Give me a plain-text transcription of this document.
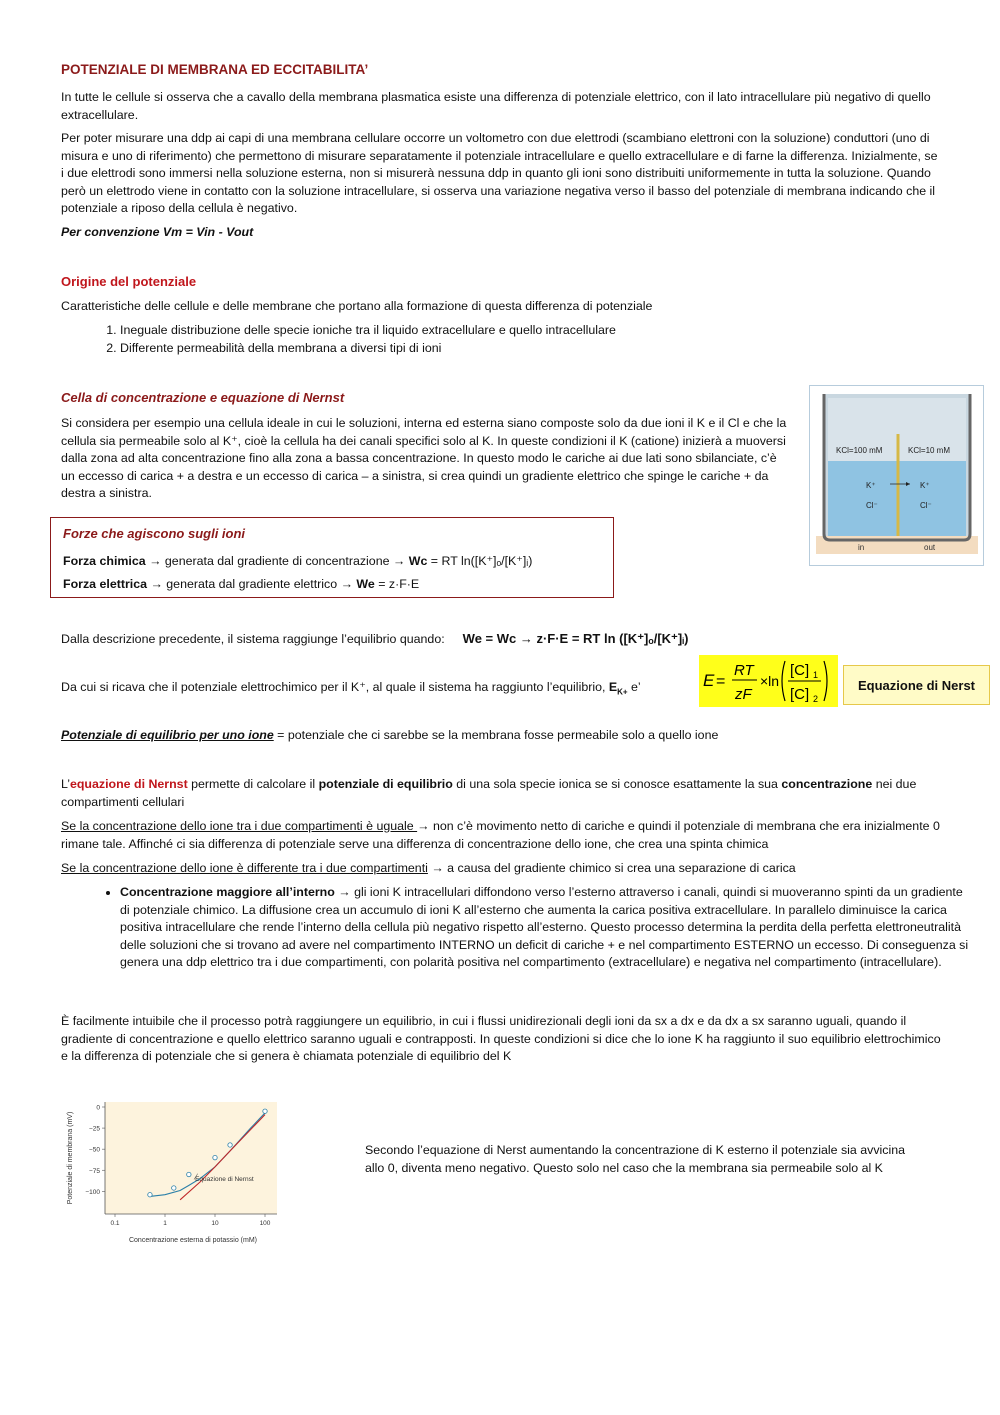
POTENZIALE DI MEMBRANA ED ECCITABILITA’

In tutte le cellule si osserva che a cavallo della membrana plasmatica esiste una differenza di potenziale elettrico, con il lato intracellulare più negativo di quello extracellulare.

Per poter misurare una ddp ai capi di una membrana cellulare occorre un voltometro con due elettrodi (scambiano elettroni con la soluzione) conduttori (uno di misura e uno di riferimento) che permettono di misurare separatamente il potenziale intracellulare e quello extracellulare e di farne la differenza. Inizialmente, se i due elettrodi sono immersi nella soluzione esterna, non si misurerà nessuna ddp in quanto gli ioni sono distribuiti uniformemente in tutta la soluzione. Quando però un elettrodo viene in contatto con la soluzione intracellulare, si osserva una variazione negativa verso il basso del potenziale di membrana indicando che il potenziale a riposo della cellula è negativo.

Per convenzione Vm = Vin - Vout

Origine del potenziale

Caratteristiche delle cellule e delle membrane che portano alla formazione di questa differenza di potenziale

1. Ineguale distribuzione delle specie ioniche tra il liquido extracellulare e quello intracellulare
2. Differente permeabilità della membrana a diversi tipi di ioni
Cella di concentrazione e equazione di Nernst

Si considera per esempio una cellula ideale in cui le soluzioni, interna ed esterna siano composte solo da due ioni il K e il Cl e che la cellula sia permeabile solo al K⁺, cioè la cellula ha dei canali specifici solo al K. In queste condizioni il K (catione) inizierà a muoversi dalla zona ad alta concentrazione fino alla zona a bassa concentrazione. In questo modo le cariche ai due lati sono sbilanciate, c’è un eccesso di carica + a destra e un eccesso di carica – a sinistra, si crea quindi un gradiente elettrico che spinge le cariche + da destra a sinistra.

KCl=100 mM	KCl=10 mM
K⁺	K⁺
Cl⁻	Cl⁻
in	out
Forze che agiscono sugli ioni
Forza chimica → generata dal gradiente di concentrazione → Wc = RT ln([K⁺]ₒ/[K⁺]ᵢ)
Forza elettrica → generata dal gradiente elettrico → We = z·F·E

Dalla descrizione precedente, il sistema raggiunge l’equilibrio quando: We = Wc → z·F·E = RT ln ([K⁺]ₒ/[K⁺]ᵢ)

Da cui si ricava che il potenziale elettrochimico per il K⁺, al quale il sistema ha raggiunto l’equilibrio, $E_{K+}$ e’	E =
RT
zF
×ln
[C] 1
[C] 2
Equazione di Nerst

Potenziale di equilibrio per uno ione = potenziale che ci sarebbe se la membrana fosse permeabile solo a quello ione

L’equazione di Nernst permette di calcolare il potenziale di equilibrio di una sola specie ionica se si conosce esattamente la sua concentrazione nei due compartimenti cellulari

Se la concentrazione dello ione tra i due compartimenti è uguale → non c’è movimento netto di cariche e quindi il potenziale di membrana che era inizialmente 0 rimane tale. Affinché ci sia differenza di potenziale serve una differenza di concentrazione dello ione, che crea una spinta chimica

Se la concentrazione dello ione è differente tra i due compartimenti → a causa del gradiente chimico si crea una separazione di carica

• Concentrazione maggiore all’interno → gli ioni K intracellulari diffondono verso l’esterno attraverso i canali, quindi si muoveranno spinti da un gradiente di potenziale chimico. La diffusione crea un accumulo di ioni K all’esterno che aumenta la carica positiva extracellulare. In parallelo diminuisce la carica positiva intracellulare che rende l’interno della cellula più negativo rispetto all’esterno. Questo processo determina la perdita della perfetta elettroneutralità delle soluzioni che si trovano ad avere nel compartimento INTERNO un deficit di cariche + e nel compartimento ESTERNO un eccesso. Di conseguenza si genera una ddp elettrico tra i due compartimenti, con polarità positiva nel compartimento (extracellulare) e negativa nel compartimento (intracellulare).

È facilmente intuibile che il processo potrà raggiungere un equilibrio, in cui i flussi unidirezionali degli ioni da sx a dx e da dx a sx saranno uguali, quando il gradiente di concentrazione e quello elettrico saranno uguali e contrapposti. In queste condizioni si dice che lo ione K ha raggiunto il suo equilibrio elettrochimico e la differenza di potenziale che si genera è chiamata potenziale di equilibrio del K

Potenziale di membrana (mV)
Concentrazione esterna di potassio (mM)
0
−25
−50
−75
−100
0.1	1	10	100
Equazione di Nernst
Secondo l’equazione di Nerst aumentando la concentrazione di K esterno il potenziale sia avvicina allo 0, diventa meno negativo. Questo solo nel caso che la membrana sia permeabile solo al K
